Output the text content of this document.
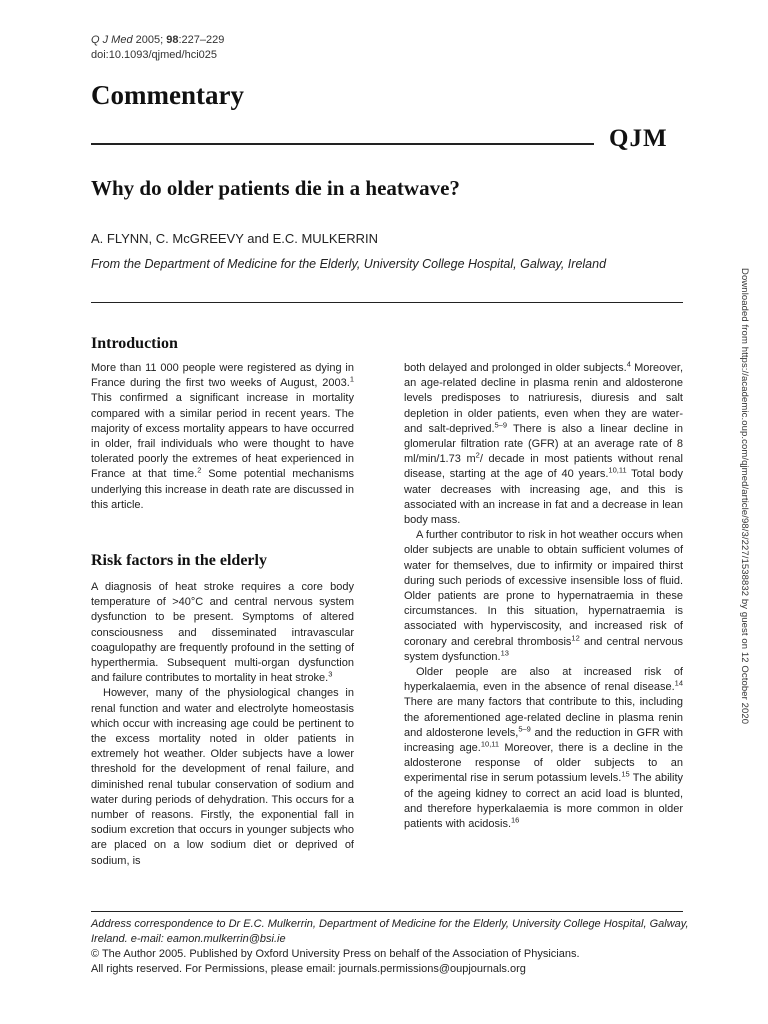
Q J Med 2005; 98:227–229
doi:10.1093/qjmed/hci025
Commentary
QJM
Why do older patients die in a heatwave?
A. FLYNN, C. McGREEVY and E.C. MULKERRIN
From the Department of Medicine for the Elderly, University College Hospital, Galway, Ireland
Downloaded from https://academic.oup.com/qjmed/article/98/3/227/1538832 by guest on 12 October 2020
Introduction

More than 11 000 people were registered as dying in France during the first two weeks of August, 2003.$^1$ This confirmed a significant increase in mortality compared with a similar period in recent years. The majority of excess mortality appears to have occurred in older, frail individuals who were thought to have tolerated poorly the extremes of heat experienced in France at that time.$^2$ Some potential mechanisms underlying this increase in death rate are discussed in this article.

Risk factors in the elderly

A diagnosis of heat stroke requires a core body temperature of >40°C and central nervous system dysfunction to be present. Symptoms of altered consciousness and disseminated intravascular coagulopathy are frequently profound in the setting of hyperthermia. Subsequent multi-organ dysfunction and failure contributes to mortality in heat stroke.$^3$

However, many of the physiological changes in renal function and water and electrolyte homeostasis which occur with increasing age could be pertinent to the excess mortality noted in older patients in extremely hot weather. Older subjects have a lower threshold for the development of renal failure, and diminished renal tubular conservation of sodium and water during periods of dehydration. This occurs for a number of reasons. Firstly, the exponential fall in sodium excretion that occurs in younger subjects who are placed on a low sodium diet or deprived of sodium, is

both delayed and prolonged in older subjects.$^4$ Moreover, an age-related decline in plasma renin and aldosterone levels predisposes to natriuresis, diuresis and salt depletion in older patients, even when they are water- and salt-deprived.$^{5-9}$ There is also a linear decline in glomerular filtration rate (GFR) at an average rate of 8 ml/min/1.73 $m^2/$ decade in most patients without renal disease, starting at the age of 40 years.$^{10,11}$ Total body water decreases with increasing age, and this is associated with an increase in fat and a decrease in lean body mass.

A further contributor to risk in hot weather occurs when older subjects are unable to obtain sufficient volumes of water for themselves, due to infirmity or impaired thirst during such periods of excessive insensible loss of fluid. Older patients are prone to hypernatraemia in these circumstances. In this situation, hypernatraemia is associated with hyperviscosity, and increased risk of coronary and cerebral thrombosis$^{12}$ and central nervous system dysfunction.$^{13}$

Older people are also at increased risk of hyperkalaemia, even in the absence of renal disease.$^{14}$ There are many factors that contribute to this, including the aforementioned age-related decline in plasma renin and aldosterone levels,$^{5-9}$ and the reduction in GFR with increasing age.$^{10,11}$ Moreover, there is a decline in the aldosterone response of older subjects to an experimental rise in serum potassium levels.$^{15}$ The ability of the ageing kidney to correct an acid load is blunted, and therefore hyperkalaemia is more common in older patients with acidosis.$^{16}$

Address correspondence to Dr E.C. Mulkerrin, Department of Medicine for the Elderly, University College Hospital, Galway, Ireland. e-mail: eamon.mulkerrin@bsi.ie
© The Author 2005. Published by Oxford University Press on behalf of the Association of Physicians.
All rights reserved. For Permissions, please email: journals.permissions@oupjournals.org
